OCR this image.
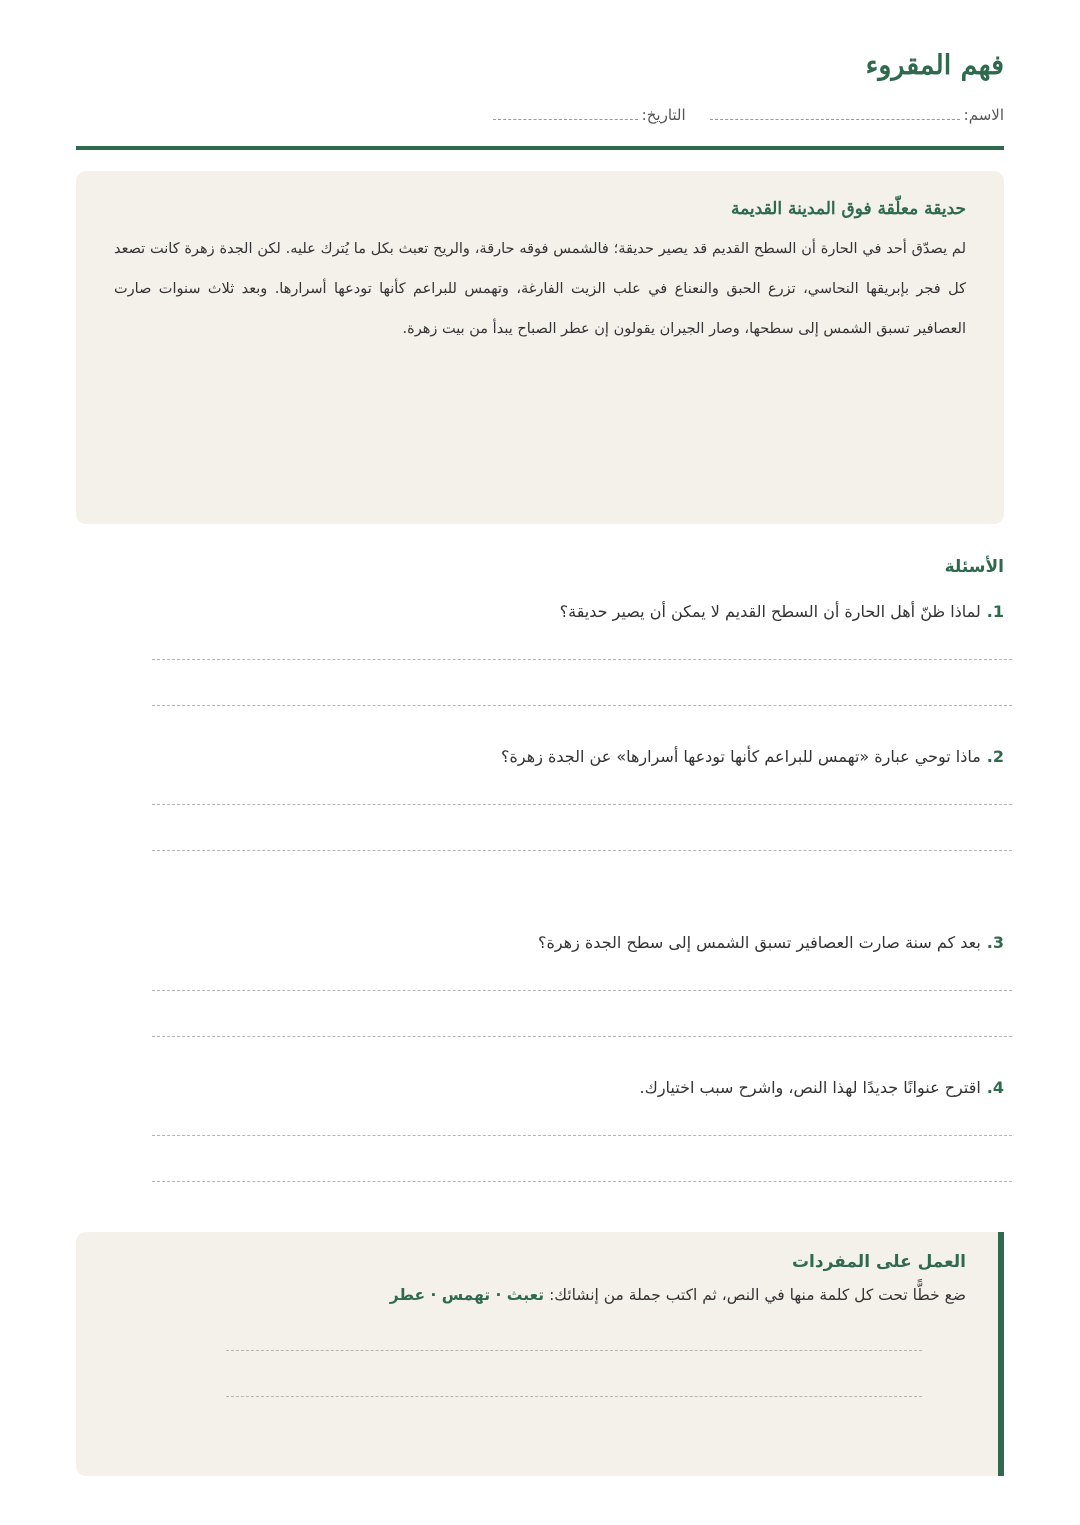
فهم المقروء
الاسم:
التاريخ:
حديقة معلّقة فوق المدينة القديمة

لم يصدّق أحد في الحارة أن السطح القديم قد يصير حديقة؛ فالشمس فوقه حارقة، والريح تعبث بكل ما يُترك عليه. لكن الجدة زهرة كانت تصعد كل فجر بإبريقها النحاسي، تزرع الحبق والنعناع في علب الزيت الفارغة، وتهمس للبراعم كأنها تودعها أسرارها. وبعد ثلاث سنوات صارت العصافير تسبق الشمس إلى سطحها، وصار الجيران يقولون إن عطر الصباح يبدأ من بيت زهرة.

الأسئلة
1.لماذا ظنّ أهل الحارة أن السطح القديم لا يمكن أن يصير حديقة؟
2.ماذا توحي عبارة «تهمس للبراعم كأنها تودعها أسرارها» عن الجدة زهرة؟
3.بعد كم سنة صارت العصافير تسبق الشمس إلى سطح الجدة زهرة؟
4.اقترح عنوانًا جديدًا لهذا النص، واشرح سبب اختيارك.
العمل على المفردات

ضع خطًّا تحت كل كلمة منها في النص، ثم اكتب جملة من إنشائك: تعبث · تهمس · عطر
